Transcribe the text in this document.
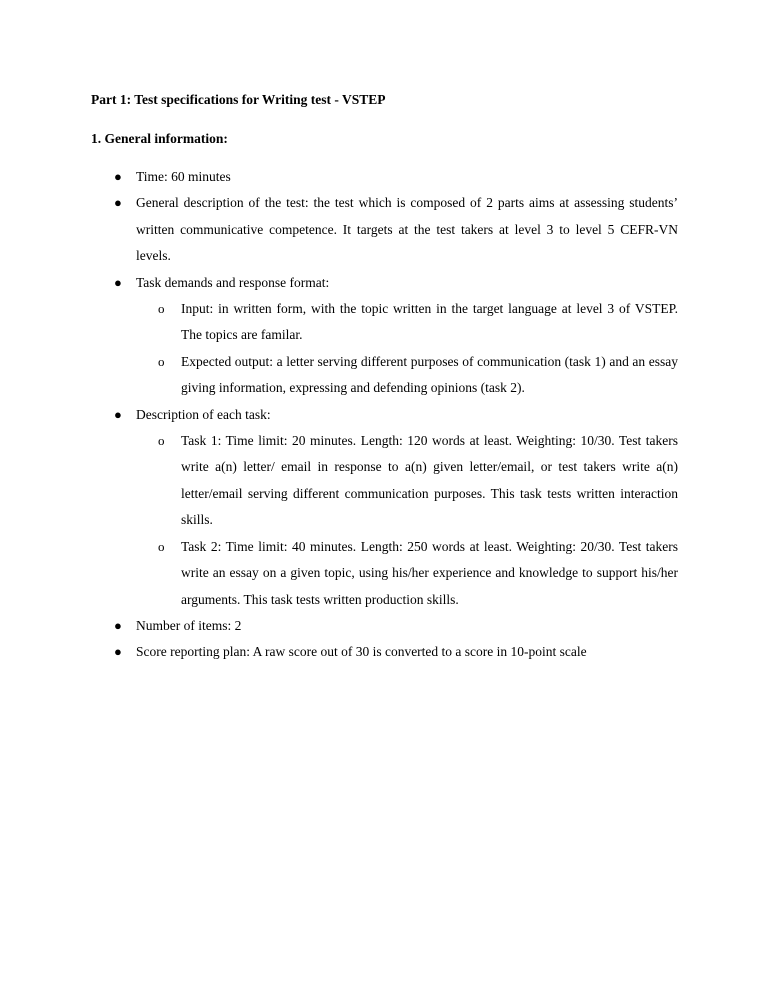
Part 1: Test specifications for Writing test - VSTEP

1. General information:

● Time: 60 minutes
● General description of the test: the test which is composed of 2 parts aims at assessing students’ written communicative competence. It targets at the test takers at level 3 to level 5 CEFR-VN levels.
● Task demands and response format:
o Input: in written form, with the topic written in the target language at level 3 of VSTEP. The topics are familar.
o Expected output: a letter serving different purposes of communication (task 1) and an essay giving information, expressing and defending opinions (task 2).
● Description of each task:
o Task 1: Time limit: 20 minutes. Length: 120 words at least. Weighting: 10/30. Test takers write a(n) letter/ email in response to a(n) given letter/email, or test takers write a(n) letter/email serving different communication purposes. This task tests written interaction skills.
o Task 2: Time limit: 40 minutes. Length: 250 words at least. Weighting: 20/30. Test takers write an essay on a given topic, using his/her experience and knowledge to support his/her arguments. This task tests written production skills.
● Number of items: 2
● Score reporting plan: A raw score out of 30 is converted to a score in 10-point scale
